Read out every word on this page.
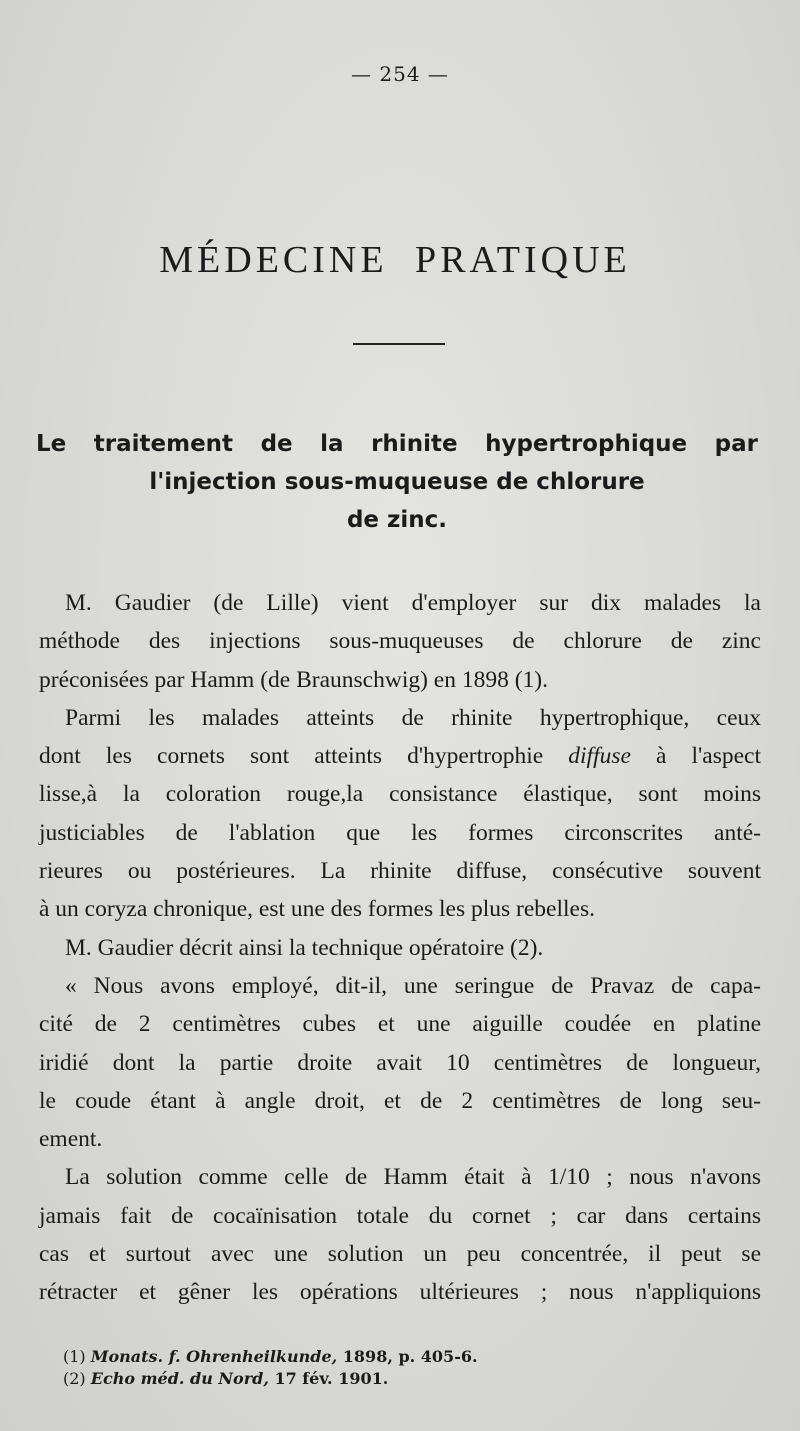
— 254 —
MÉDECINE PRATIQUE
Le traitement de la rhinite hypertrophique par
l'injection sous-muqueuse de chlorure
de zinc.
M. Gaudier (de Lille) vient d'employer sur dix malades la
méthode des injections sous-muqueuses de chlorure de zinc
préconisées par Hamm (de Braunschwig) en 1898 (1).
Parmi les malades atteints de rhinite hypertrophique, ceux
dont les cornets sont atteints d'hypertrophie diffuse à l'aspect
lisse,à la coloration rouge,la consistance élastique, sont moins
justiciables de l'ablation que les formes circonscrites anté-
rieures ou postérieures. La rhinite diffuse, consécutive souvent
à un coryza chronique, est une des formes les plus rebelles.
M. Gaudier décrit ainsi la technique opératoire (2).
« Nous avons employé, dit-il, une seringue de Pravaz de capa-
cité de 2 centimètres cubes et une aiguille coudée en platine
iridié dont la partie droite avait 10 centimètres de longueur,
le coude étant à angle droit, et de 2 centimètres de long seu-
ement.
La solution comme celle de Hamm était à 1/10 ; nous n'avons
jamais fait de cocaïnisation totale du cornet ; car dans certains
cas et surtout avec une solution un peu concentrée, il peut se
rétracter et gêner les opérations ultérieures ; nous n'appliquions
(1) Monats. f. Ohrenheilkunde, 1898, p. 405-6.
(2) Echo méd. du Nord, 17 fév. 1901.
